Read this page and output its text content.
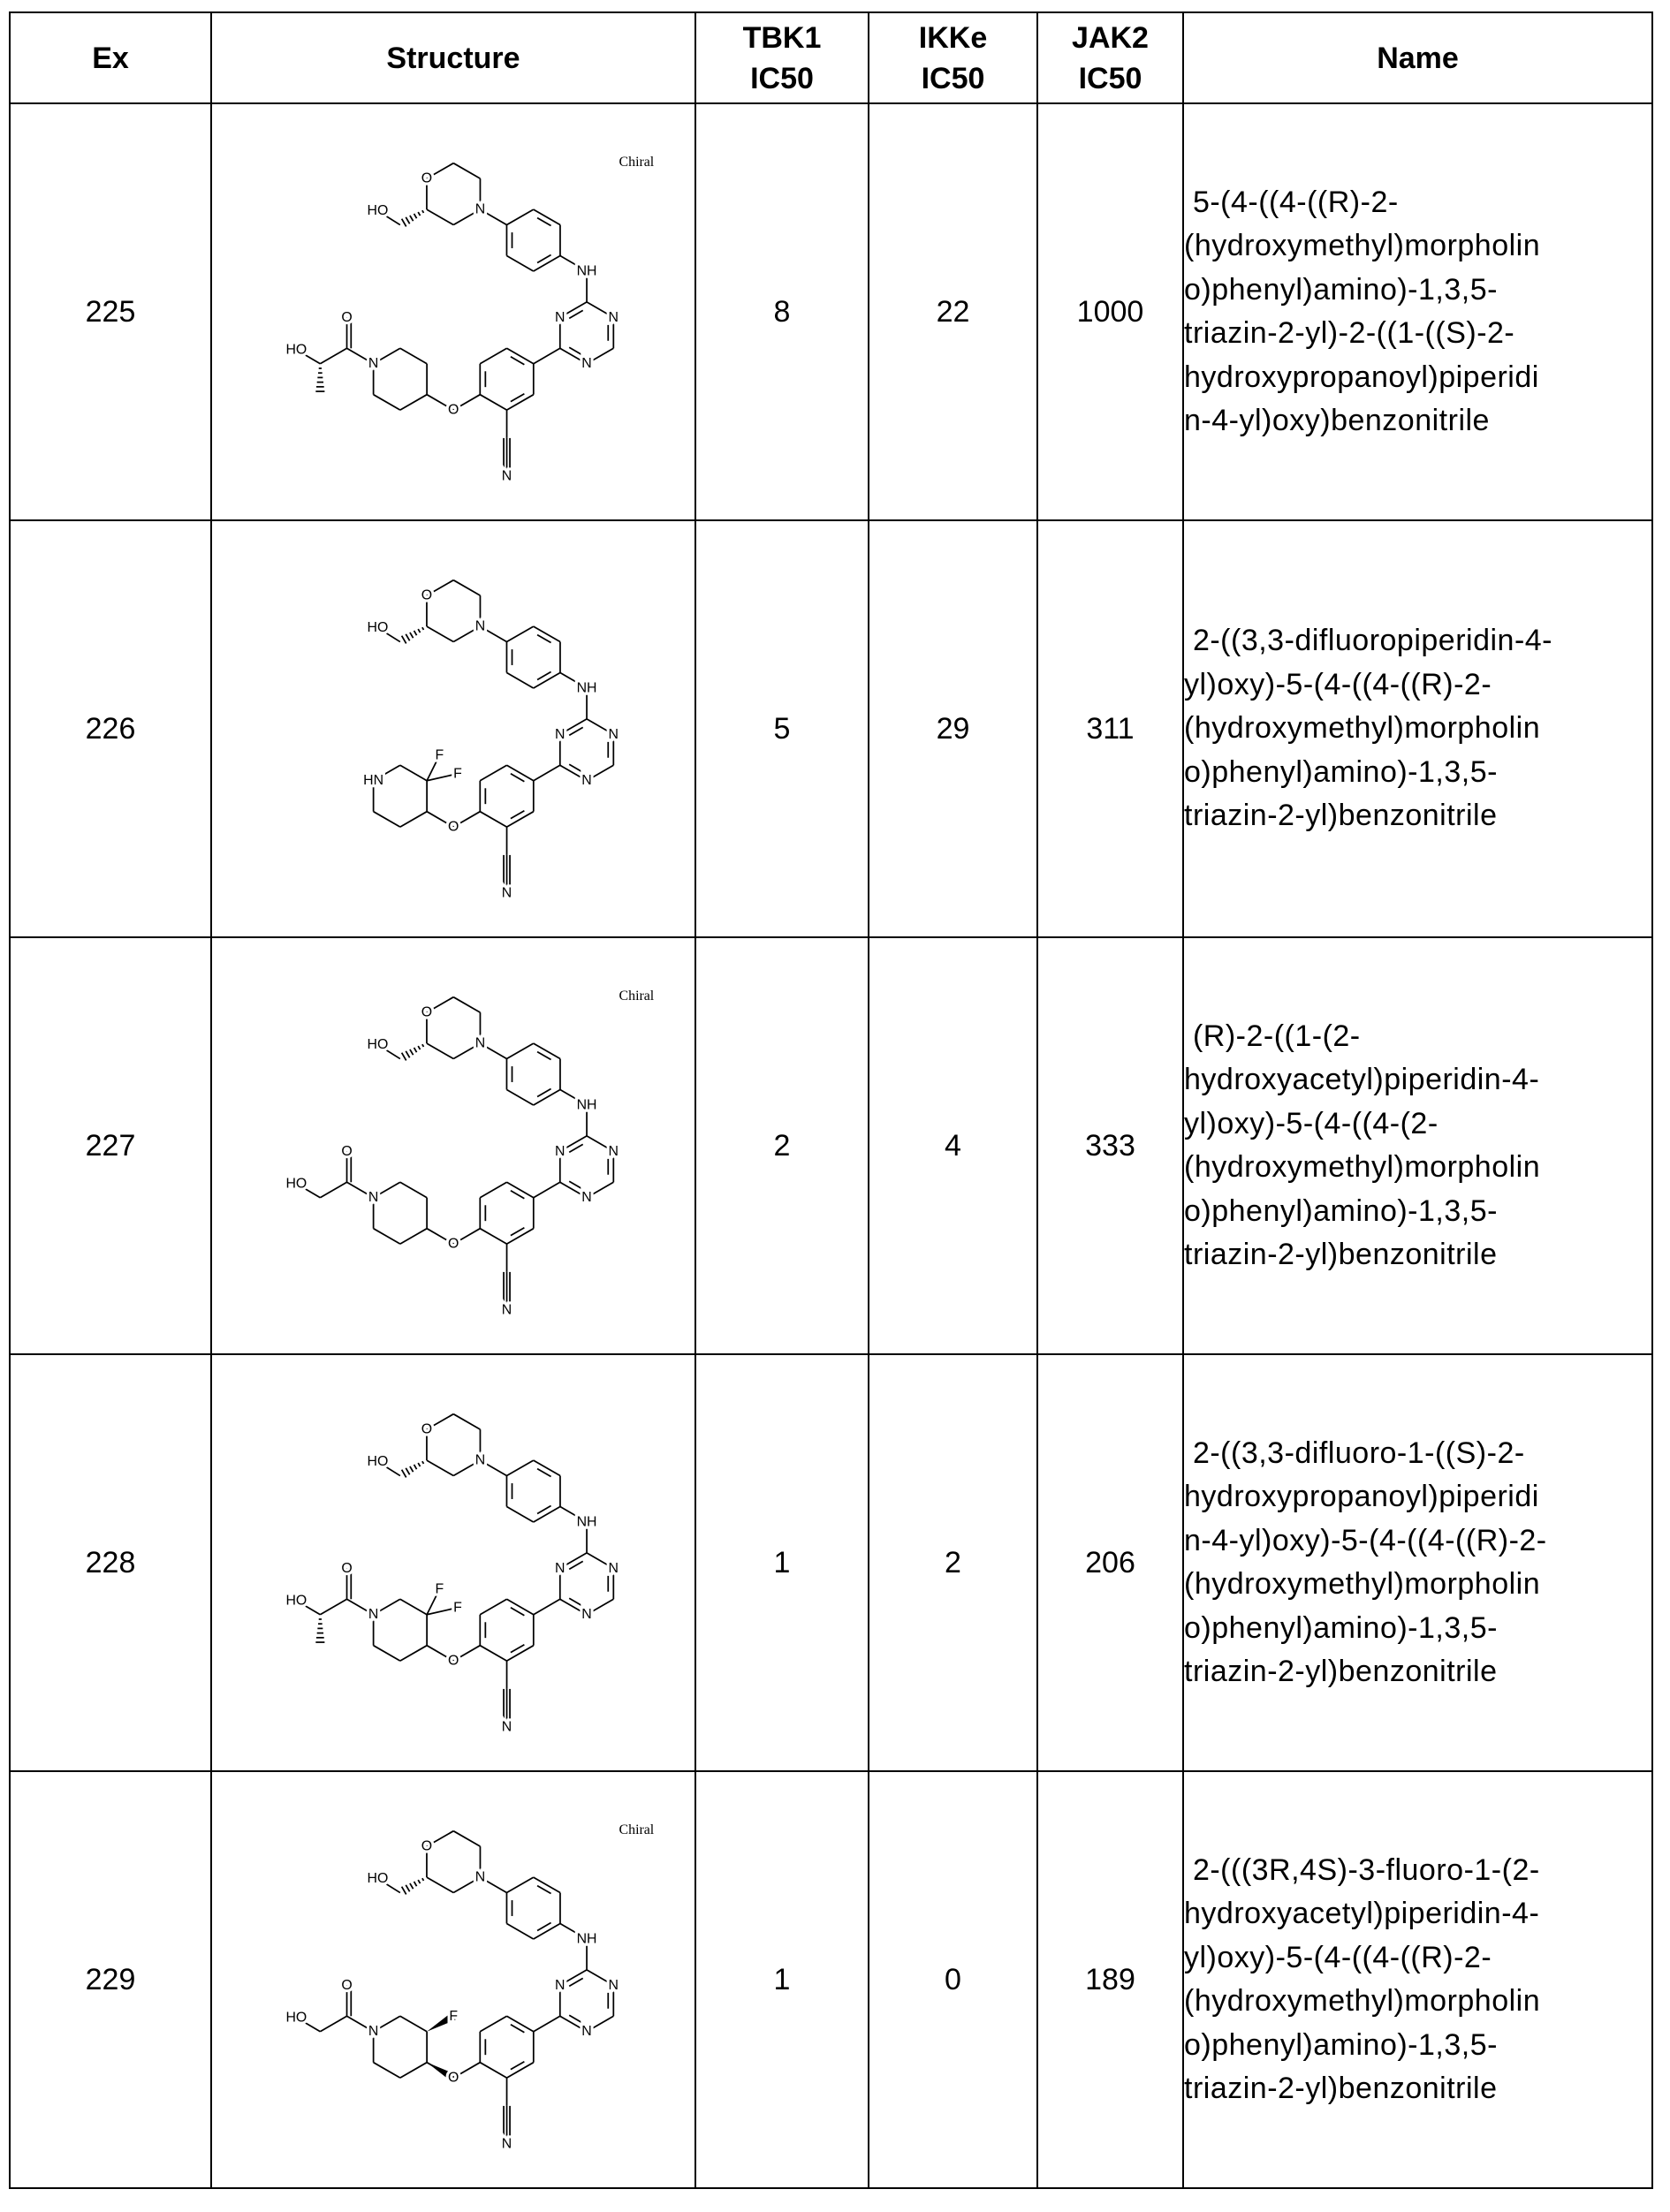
Ex	Structure	
TBK1
IC50

IKKe
IC50

JAK2
IC50
	Name
225	O
HO
O
N
HO
NH
N
N
N
O
N
N
Chiral
	8	22	1000	
5-(4-((4-((R)-2-
(hydroxymethyl)morpholin
o)phenyl)amino)-1,3,5-
triazin-2-yl)-2-((1-((S)-2-
hydroxypropanoyl)piperidi
n-4-yl)oxy)benzonitrile

226	
F
F
O
N
HO
NH
N
N
N
O
N
HN
	5	29	311	
2-((3,3-difluoropiperidin-4-
yl)oxy)-5-(4-((4-((R)-2-
(hydroxymethyl)morpholin
o)phenyl)amino)-1,3,5-
triazin-2-yl)benzonitrile

227	O
HO
O
N
HO
NH
N
N
N
O
N
N
Chiral
	2	4	333	
(R)-2-((1-(2-
hydroxyacetyl)piperidin-4-
yl)oxy)-5-(4-((4-(2-
(hydroxymethyl)morpholin
o)phenyl)amino)-1,3,5-
triazin-2-yl)benzonitrile

228	O
HO
F
F
O
N
HO
NH
N
N
N
O
N
N
	1	2	206	
2-((3,3-difluoro-1-((S)-2-
hydroxypropanoyl)piperidi
n-4-yl)oxy)-5-(4-((4-((R)-2-
(hydroxymethyl)morpholin
o)phenyl)amino)-1,3,5-
triazin-2-yl)benzonitrile

229	O
HO	F
O
N
HO
NH
N
N
N
O
N
N
Chiral
	1	0	189	
2-(((3R,4S)-3-fluoro-1-(2-
hydroxyacetyl)piperidin-4-
yl)oxy)-5-(4-((4-((R)-2-
(hydroxymethyl)morpholin
o)phenyl)amino)-1,3,5-
triazin-2-yl)benzonitrile
